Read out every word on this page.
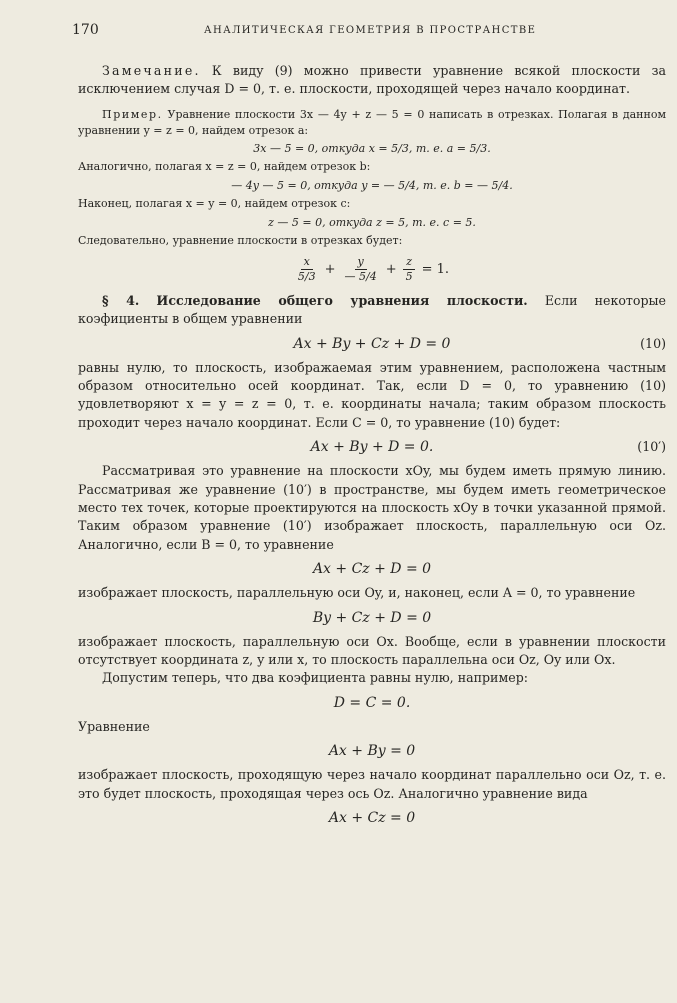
170	АНАЛИТИЧЕСКАЯ ГЕОМЕТРИЯ В ПРОСТРАНСТВЕ

Замечание. К виду (9) можно привести уравнение всякой плоскости за исключением случая D = 0, т. е. плоскости, проходящей через начало координат.

Пример. Уравнение плоскости 3x — 4y + z — 5 = 0 написать в отрезках. Полагая в данном уравнении y = z = 0, найдем отрезок a:

3x — 5 = 0, откуда x = 5/3, т. е. a = 5/3.

Аналогично, полагая x = z = 0, найдем отрезок b:

— 4y — 5 = 0, откуда y = — 5/4, т. е. b = — 5/4.

Наконец, полагая x = y = 0, найдем отрезок c:

z — 5 = 0, откуда z = 5, т. е. c = 5.

Следовательно, уравнение плоскости в отрезках будет:

$\frac{x}{5/3} + \frac{y}{— 5/4} + \frac{z}{5} = 1$.

§ 4. Исследование общего уравнения плоскости. Если некоторые коэфициенты в общем уравнении

Ax + By + Cz + D = 0	(10)

равны нулю, то плоскость, изображаемая этим уравнением, расположена частным образом относительно осей координат. Так, если D = 0, то уравнению (10) удовлетворяют x = y = z = 0, т. е. координаты начала; таким образом плоскость проходит через начало координат. Если C = 0, то уравнение (10) будет:

Ax + By + D = 0.	(10′)

Рассматривая это уравнение на плоскости xOy, мы будем иметь прямую линию. Рассматривая же уравнение (10′) в пространстве, мы будем иметь геометрическое место тех точек, которые проектируются на плоскость xOy в точки указанной прямой. Таким образом уравнение (10′) изображает плоскость, параллельную оси Oz. Аналогично, если B = 0, то уравнение

Ax + Cz + D = 0

изображает плоскость, параллельную оси Oy, и, наконец, если A = 0, то уравнение

By + Cz + D = 0

изображает плоскость, параллельную оси Ox. Вообще, если в уравнении плоскости отсутствует координата z, y или x, то плоскость параллельна оси Oz, Oy или Ox.

Допустим теперь, что два коэфициента равны нулю, например:

D = C = 0.

Уравнение

Ax + By = 0

изображает плоскость, проходящую через начало координат параллельно оси Oz, т. е. это будет плоскость, проходящая через ось Oz. Аналогично уравнение вида

Ax + Cz = 0
